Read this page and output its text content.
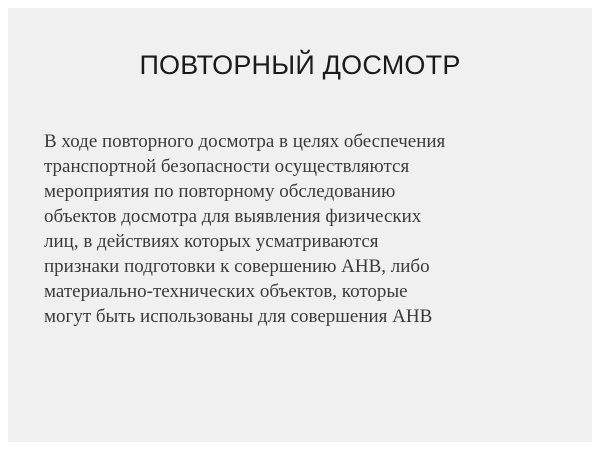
ПОВТОРНЫЙ ДОСМОТР
В ходе повторного досмотра в целях обеспечения
транспортной безопасности осуществляются
мероприятия по повторному обследованию
объектов досмотра для выявления физических
лиц, в действиях которых усматриваются
признаки подготовки к совершению АНВ, либо
материально-технических объектов, которые
могут быть использованы для совершения АНВ
